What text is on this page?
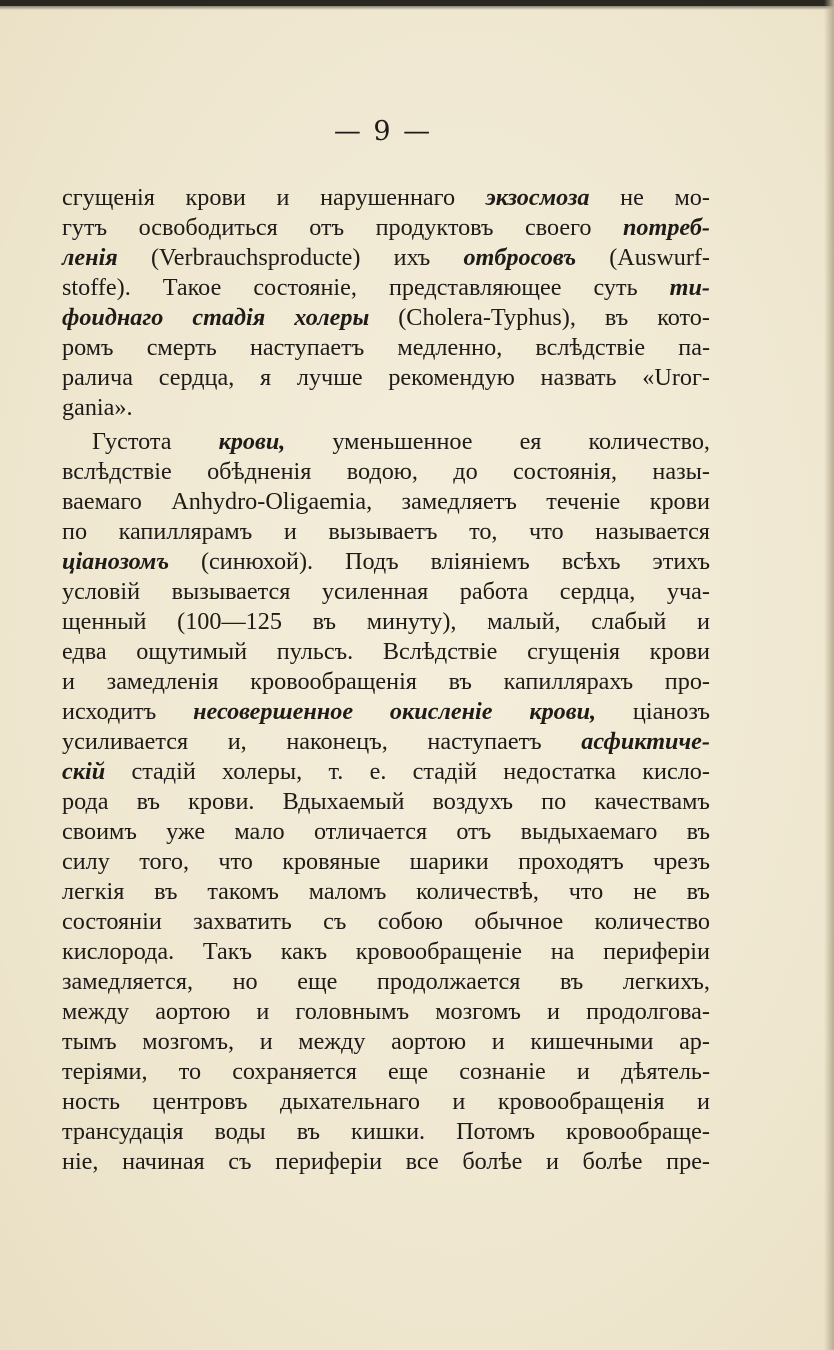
— 9 —
сгущенія крови и нарушеннаго экзосмоза не мо-
гутъ освободиться отъ продуктовъ своего потреб-
ленія (Verbrauchsproducte) ихъ отбросовъ (Auswurf-
stoffe). Такое состояніе, представляющее суть ти-
фоиднаго стадія холеры (Cholera-Typhus), въ кото-
ромъ смерть наступаетъ медленно, вслѣдствіе па-
ралича сердца, я лучше рекомендую назвать «Urог-
gania».
Густота крови, уменьшенное ея количество,
вслѣдствіе обѣдненія водою, до состоянія, назы-
ваемаго Anhydro-Oligaemia, замедляетъ теченіе крови
по капиллярамъ и вызываетъ то, что называется
ціанозомъ (синюхой). Подъ вліяніемъ всѣхъ этихъ
условій вызывается усиленная работа сердца, уча-
щенный (100—125 въ минуту), малый, слабый и
едва ощутимый пульсъ. Вслѣдствіе сгущенія крови
и замедленія кровообращенія въ капиллярахъ про-
исходитъ несовершенное окисленіе крови, ціанозъ
усиливается и, наконецъ, наступаетъ асфиктиче-
скій стадій холеры, т. е. стадій недостатка кисло-
рода въ крови. Вдыхаемый воздухъ по качествамъ
своимъ уже мало отличается отъ выдыхаемаго въ
силу того, что кровяные шарики проходятъ чрезъ
легкія въ такомъ маломъ количествѣ, что не въ
состояніи захватить съ собою обычное количество
кислорода. Такъ какъ кровообращеніе на периферіи
замедляется, но еще продолжается въ легкихъ,
между аортою и головнымъ мозгомъ и продолгова-
тымъ мозгомъ, и между аортою и кишечными ар-
теріями, то сохраняется еще сознаніе и дѣятель-
ность центровъ дыхательнаго и кровообращенія и
трансудація воды въ кишки. Потомъ кровообраще-
ніе, начиная съ периферіи все болѣе и болѣе пре-
